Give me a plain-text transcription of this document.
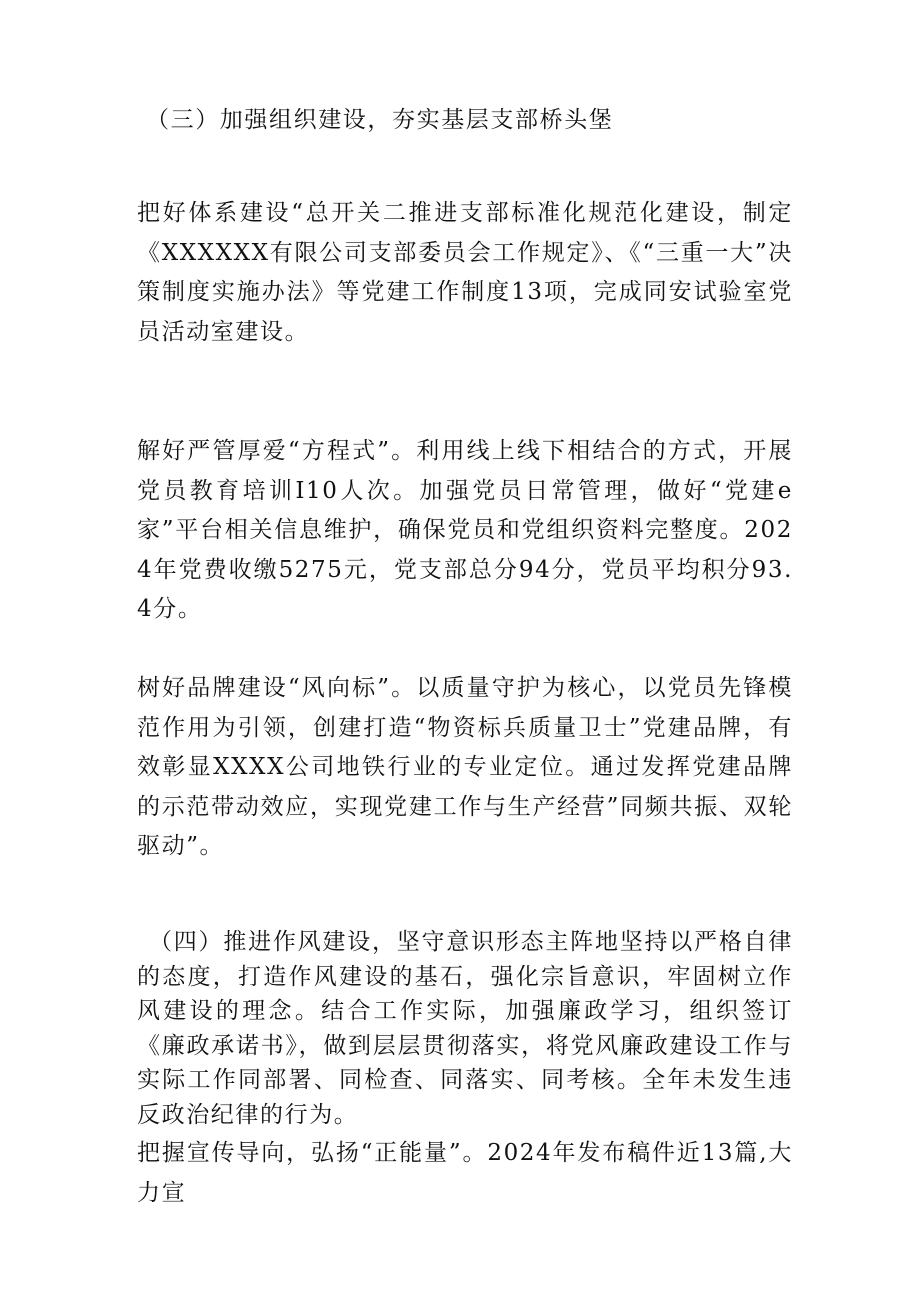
（三）加强组织建设，夯实基层支部桥头堡

把好体系建设“总开关二推进支部标准化规范化建设，制定《XXXXXX有限公司支部委员会工作规定》、《“三重一大”决策制度实施办法》等党建工作制度13项，完成同安试验室党员活动室建设。

解好严管厚爱“方程式”。利用线上线下相结合的方式，开展党员教育培训I10人次。加强党员日常管理，做好“党建e家”平台相关信息维护，确保党员和党组织资料完整度。2024年党费收缴5275元，党支部总分94分，党员平均积分93.4分。

树好品牌建设“风向标”。以质量守护为核心，以党员先锋模范作用为引领，创建打造“物资标兵质量卫士”党建品牌，有效彰显XXXX公司地铁行业的专业定位。通过发挥党建品牌的示范带动效应，实现党建工作与生产经营”同频共振、双轮驱动”。

（四）推进作风建设，坚守意识形态主阵地坚持以严格自律的态度，打造作风建设的基石，强化宗旨意识，牢固树立作风建设的理念。结合工作实际，加强廉政学习，组织签订《廉政承诺书》，做到层层贯彻落实，将党风廉政建设工作与实际工作同部署、同检查、同落实、同考核。全年未发生违反政治纪律的行为。

把握宣传导向，弘扬“正能量”。2024年发布稿件近13篇,大力宣
